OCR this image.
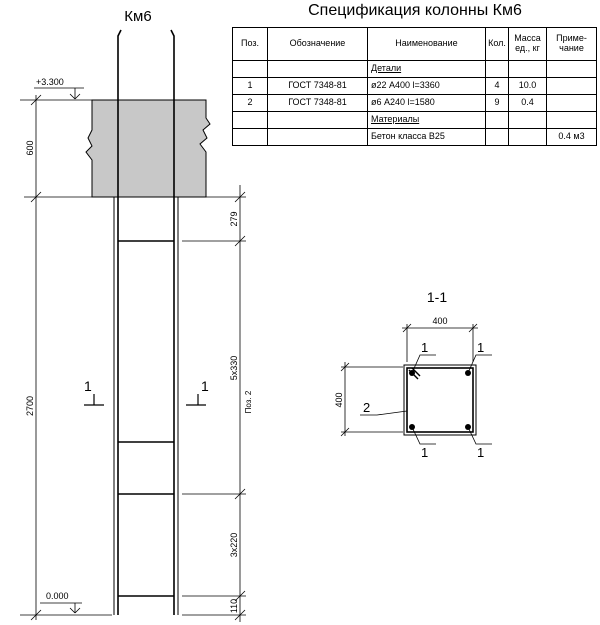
Км6
+3.300
0.000
600
2700
279
5x330
Поз. 2
3x220
110
1	1
1-1
400
400
1	1
1	1
2
Спецификация колонны Км6
Поз.	Обозначение	Наименование	Кол.	Масса ед., кг	Приме- чание
		Детали			
1	ГОСТ 7348-81	ø22 А400 l=3360	4	10.0	
2	ГОСТ 7348-81	ø6 А240 l=1580	9	0.4	
		Материалы			
		Бетон класса В25			0.4 м3
